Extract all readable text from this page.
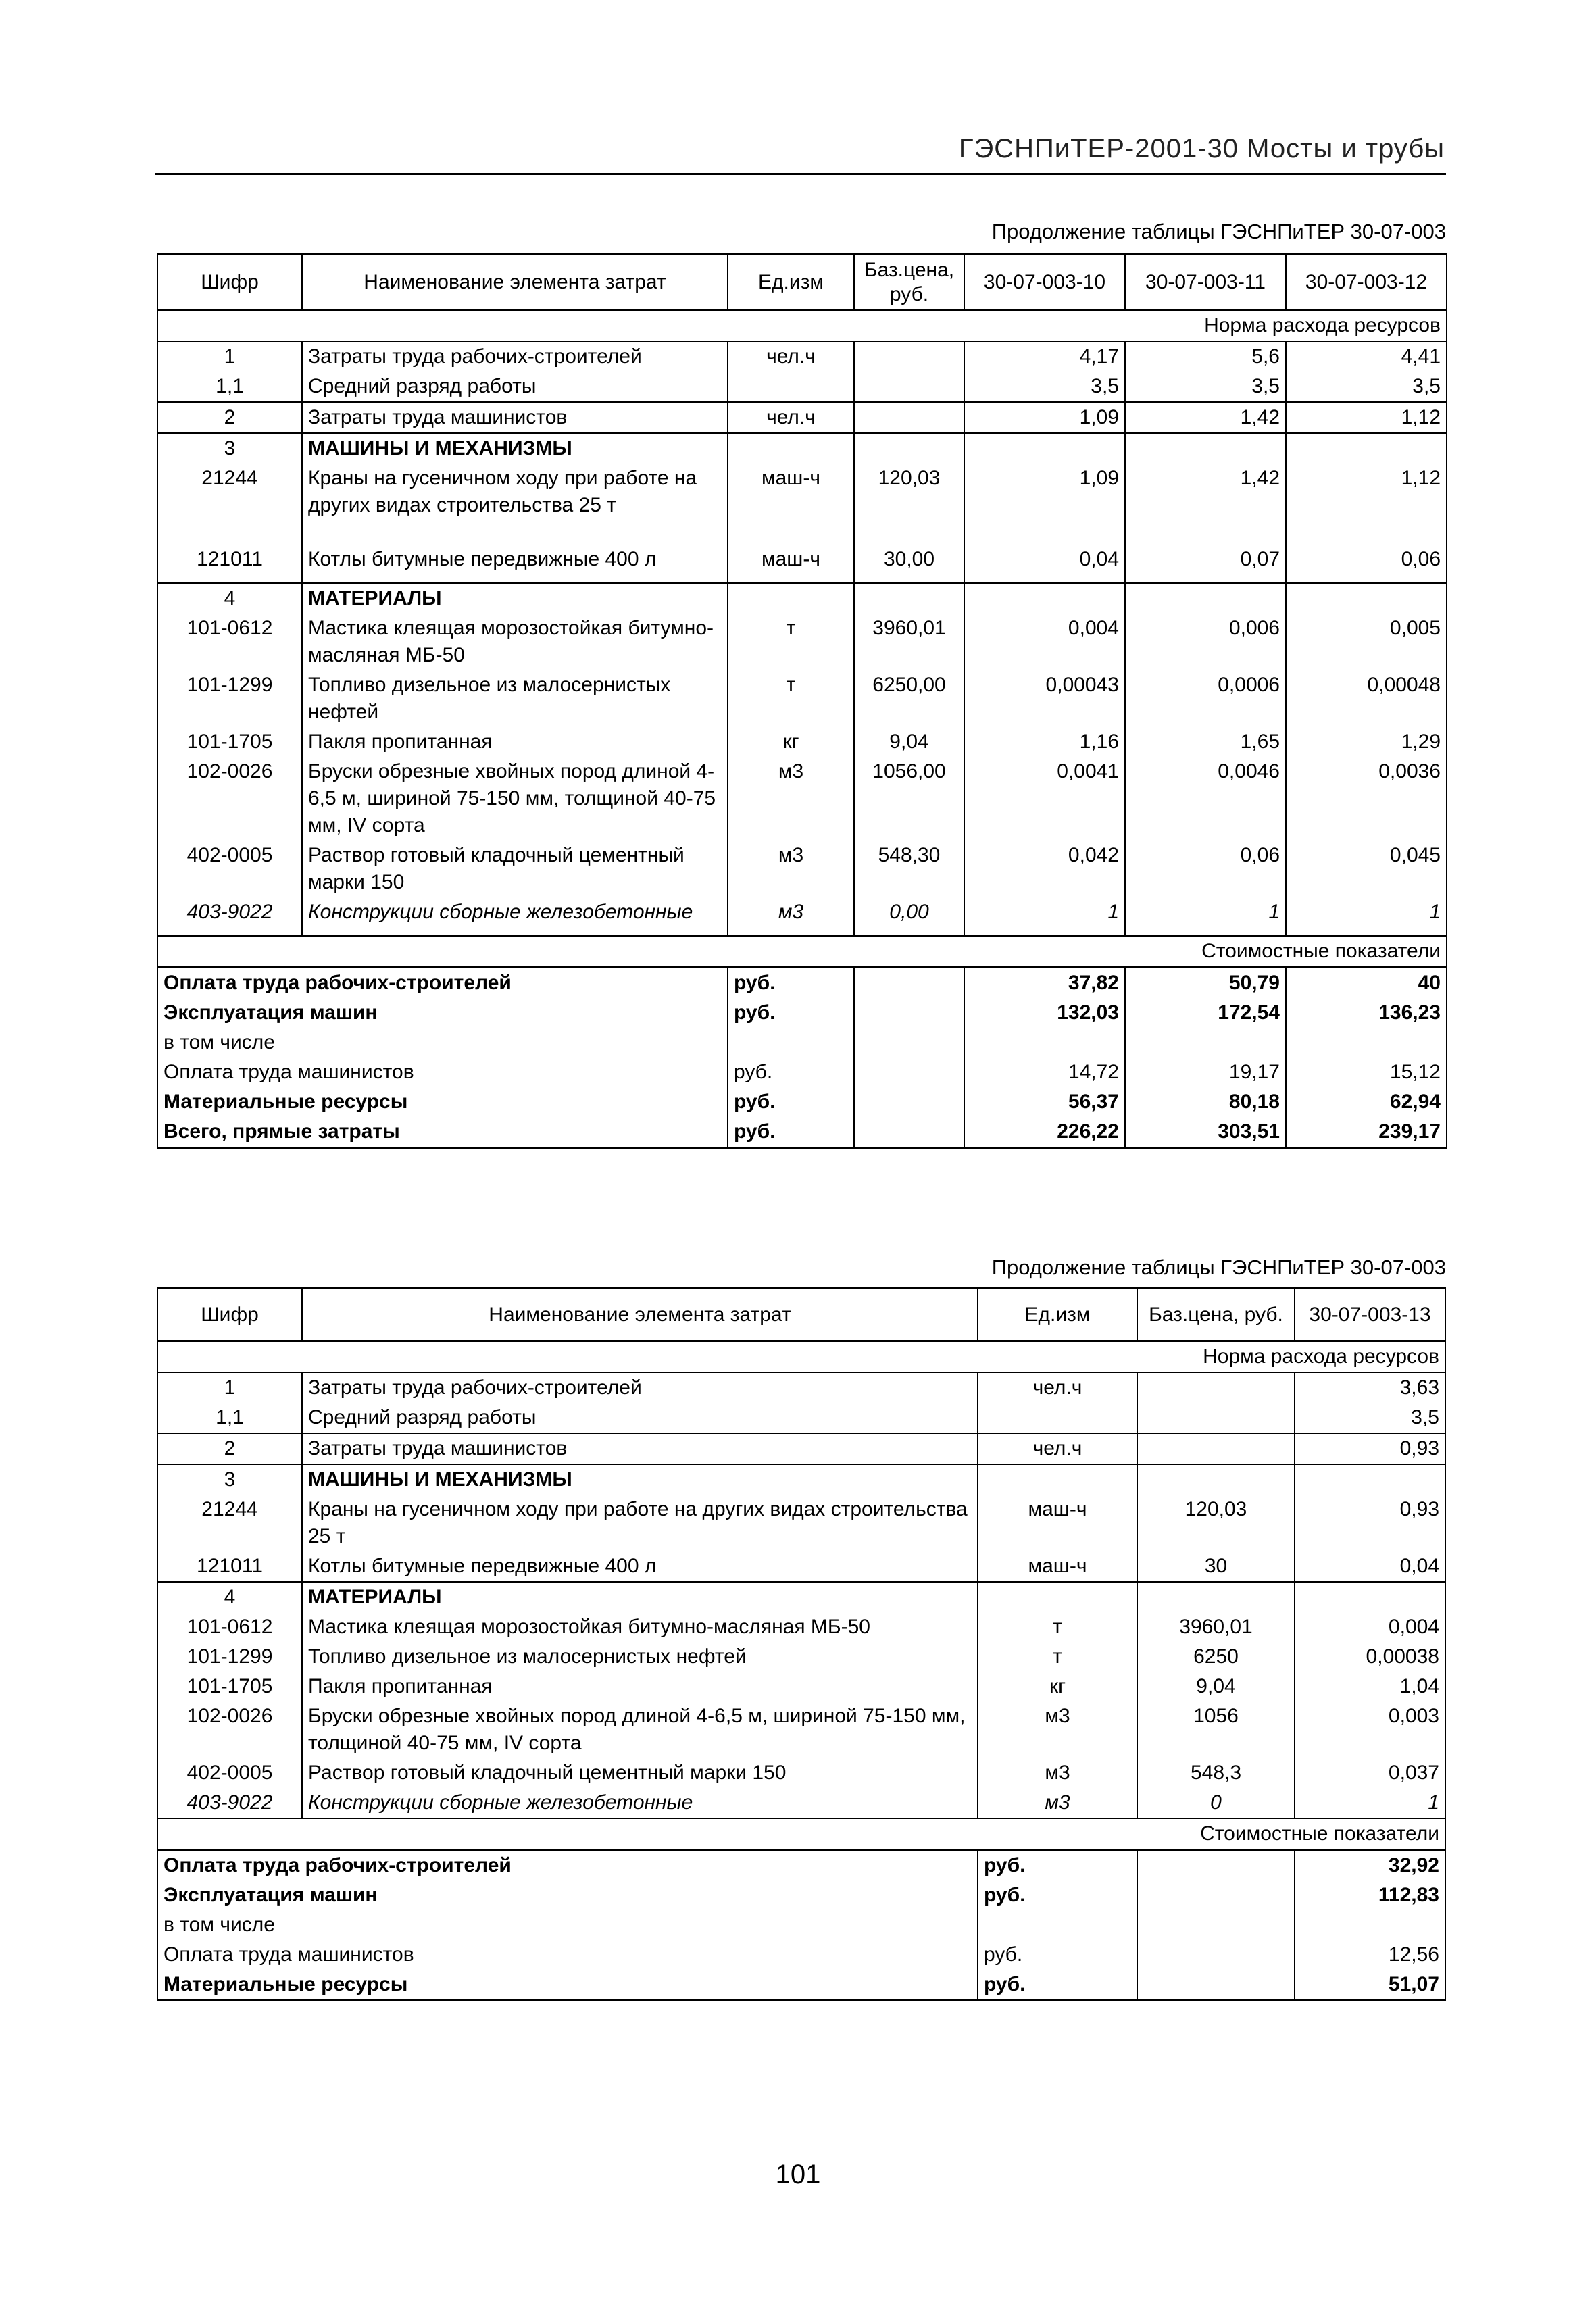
ГЭСНПиТЕР-2001-30 Мосты и трубы
Продолжение таблицы ГЭСНПиТЕР 30-07-003
Шифр	Наименование элемента затрат	Ед.изм	Баз.цена, руб.	30-07-003-10	30-07-003-11	30-07-003-12
Норма расхода ресурсов						
1	Затраты труда рабочих-строителей	чел.ч		4,17	5,6	4,41
1,1	Средний разряд работы			3,5	3,5	3,5
2	Затраты труда машинистов	чел.ч		1,09	1,42	1,12
3	МАШИНЫ И МЕХАНИЗМЫ					
21244	Краны на гусеничном ходу при работе на других видах строительства 25 т	маш-ч	120,03	1,09	1,42	1,12
121011	Котлы битумные передвижные 400 л	маш-ч	30,00	0,04	0,07	0,06
4	МАТЕРИАЛЫ					
101-0612	Мастика клеящая морозостойкая битумно-масляная МБ-50	т	3960,01	0,004	0,006	0,005
101-1299	Топливо дизельное из малосернистых нефтей	т	6250,00	0,00043	0,0006	0,00048
101-1705	Пакля пропитанная	кг	9,04	1,16	1,65	1,29
102-0026	Бруски обрезные хвойных пород длиной 4-6,5 м, шириной 75-150 мм, толщиной 40-75 мм, IV сорта	м3	1056,00	0,0041	0,0046	0,0036
402-0005	Раствор готовый кладочный цементный марки 150	м3	548,30	0,042	0,06	0,045
403-9022	Конструкции сборные железобетонные	м3	0,00	1	1	1
Стоимостные показатели						
Оплата труда рабочих-строителей		руб.		37,82	50,79	40
Эксплуатация машин		руб.		132,03	172,54	136,23
в том числе						
Оплата труда машинистов		руб.		14,72	19,17	15,12
Материальные ресурсы		руб.		56,37	80,18	62,94
Всего, прямые затраты		руб.		226,22	303,51	239,17
Продолжение таблицы ГЭСНПиТЕР 30-07-003
Шифр	Наименование элемента затрат	Ед.изм	Баз.цена, руб.	30-07-003-13
Норма расхода ресурсов				
1	Затраты труда рабочих-строителей	чел.ч		3,63
1,1	Средний разряд работы			3,5
2	Затраты труда машинистов	чел.ч		0,93
3	МАШИНЫ И МЕХАНИЗМЫ			
21244	Краны на гусеничном ходу при работе на других видах строительства 25 т	маш-ч	120,03	0,93
121011	Котлы битумные передвижные 400 л	маш-ч	30	0,04
4	МАТЕРИАЛЫ			
101-0612	Мастика клеящая морозостойкая битумно-масляная МБ-50	т	3960,01	0,004
101-1299	Топливо дизельное из малосернистых нефтей	т	6250	0,00038
101-1705	Пакля пропитанная	кг	9,04	1,04
102-0026	Бруски обрезные хвойных пород длиной 4-6,5 м, шириной 75-150 мм, толщиной 40-75 мм, IV сорта	м3	1056	0,003
402-0005	Раствор готовый кладочный цементный марки 150	м3	548,3	0,037
403-9022	Конструкции сборные железобетонные	м3	0	1
Стоимостные показатели				
Оплата труда рабочих-строителей		руб.		32,92
Эксплуатация машин		руб.		112,83
в том числе				
Оплата труда машинистов		руб.		12,56
Материальные ресурсы		руб.		51,07
101
